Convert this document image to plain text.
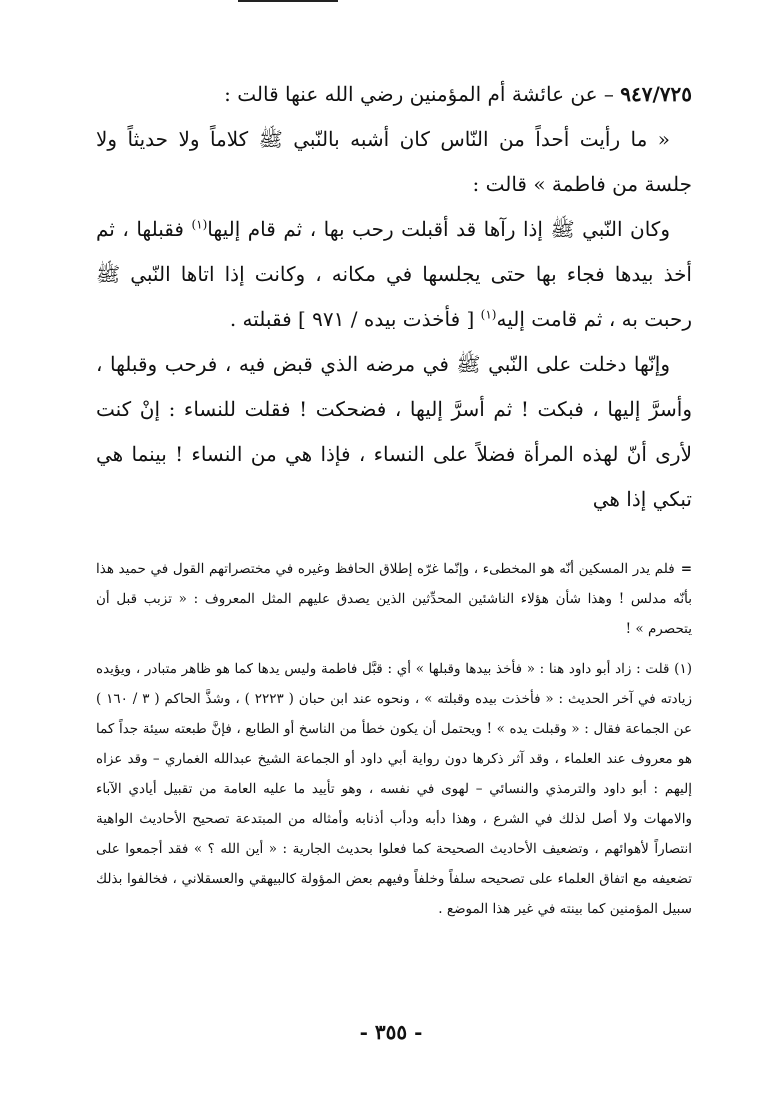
٩٤٧/٧٢٥ – عن عائشة أم المؤمنين رضي الله عنها قالت :

« ما رأيت أحداً من النّاس كان أشبه بالنّبي ﷺ كلاماً ولا حديثاً ولا جلسة من فاطمة » قالت :

وكان النّبي ﷺ إذا رآها قد أقبلت رحب بها ، ثم قام إليها$^{(١)}$ فقبلها ، ثم أخذ بيدها فجاء بها حتى يجلسها في مكانه ، وكانت إذا اتاها النّبي ﷺ رحبت به ، ثم قامت إليه$^{(١)}$ [ فأخذت بيده / ٩٧١ ] فقبلته .

وإنّها دخلت على النّبي ﷺ في مرضه الذي قبض فيه ، فرحب وقبلها ، وأسرَّ إليها ، فبكت ! ثم أسرَّ إليها ، فضحكت ! فقلت للنساء : إنْ كنت لأرى أنّ لهذه المرأة فضلاً على النساء ، فإذا هي من النساء ! بينما هي تبكي إذا هي

=فلم يدر المسكين أنّه هو المخطىء ، وإنّما غرّه إطلاق الحافظ وغيره في مختصراتهم القول في حميد هذا بأنّه مدلس ! وهذا شأن هؤلاء الناشئين المحدِّثين الذين يصدق عليهم المثل المعروف : « تزبب قبل أن يتحصرم » !

(١) قلت : زاد أبو داود هنا : « فأخذ بيدها وقبلها » أي : قبَّل فاطمة وليس يدها كما هو ظاهر متبادر ، ويؤيده زيادته في آخر الحديث : « فأخذت بيده وقبلته » ، ونحوه عند ابن حبان ( ٢٢٢٣ ) ، وشذَّ الحاكم ( ٣ / ١٦٠ ) عن الجماعة فقال : « وقبلت يده » ! ويحتمل أن يكون خطأ من الناسخ أو الطابع ، فإنَّ طبعته سيئة جداً كما هو معروف عند العلماء ، وقد آثر ذكرها دون رواية أبي داود أو الجماعة الشيخ عبدالله الغماري – وقد عزاه إليهم : أبو داود والترمذي والنسائي – لهوى في نفسه ، وهو تأييد ما عليه العامة من تقبيل أيادي الآباء والامهات ولا أصل لذلك في الشرع ، وهذا دأبه ودأب أذنابه وأمثاله من المبتدعة تصحيح الأحاديث الواهية انتصاراً لأهوائهم ، وتضعيف الأحاديث الصحيحة كما فعلوا بحديث الجارية : « أين الله ؟ » فقد أجمعوا على تضعيفه مع اتفاق العلماء على تصحيحه سلفاً وخلفاً وفيهم بعض المؤولة كالبيهقي والعسقلاني ، فخالفوا بذلك سبيل المؤمنين كما بينته في غير هذا الموضع .

- ٣٥٥ -
